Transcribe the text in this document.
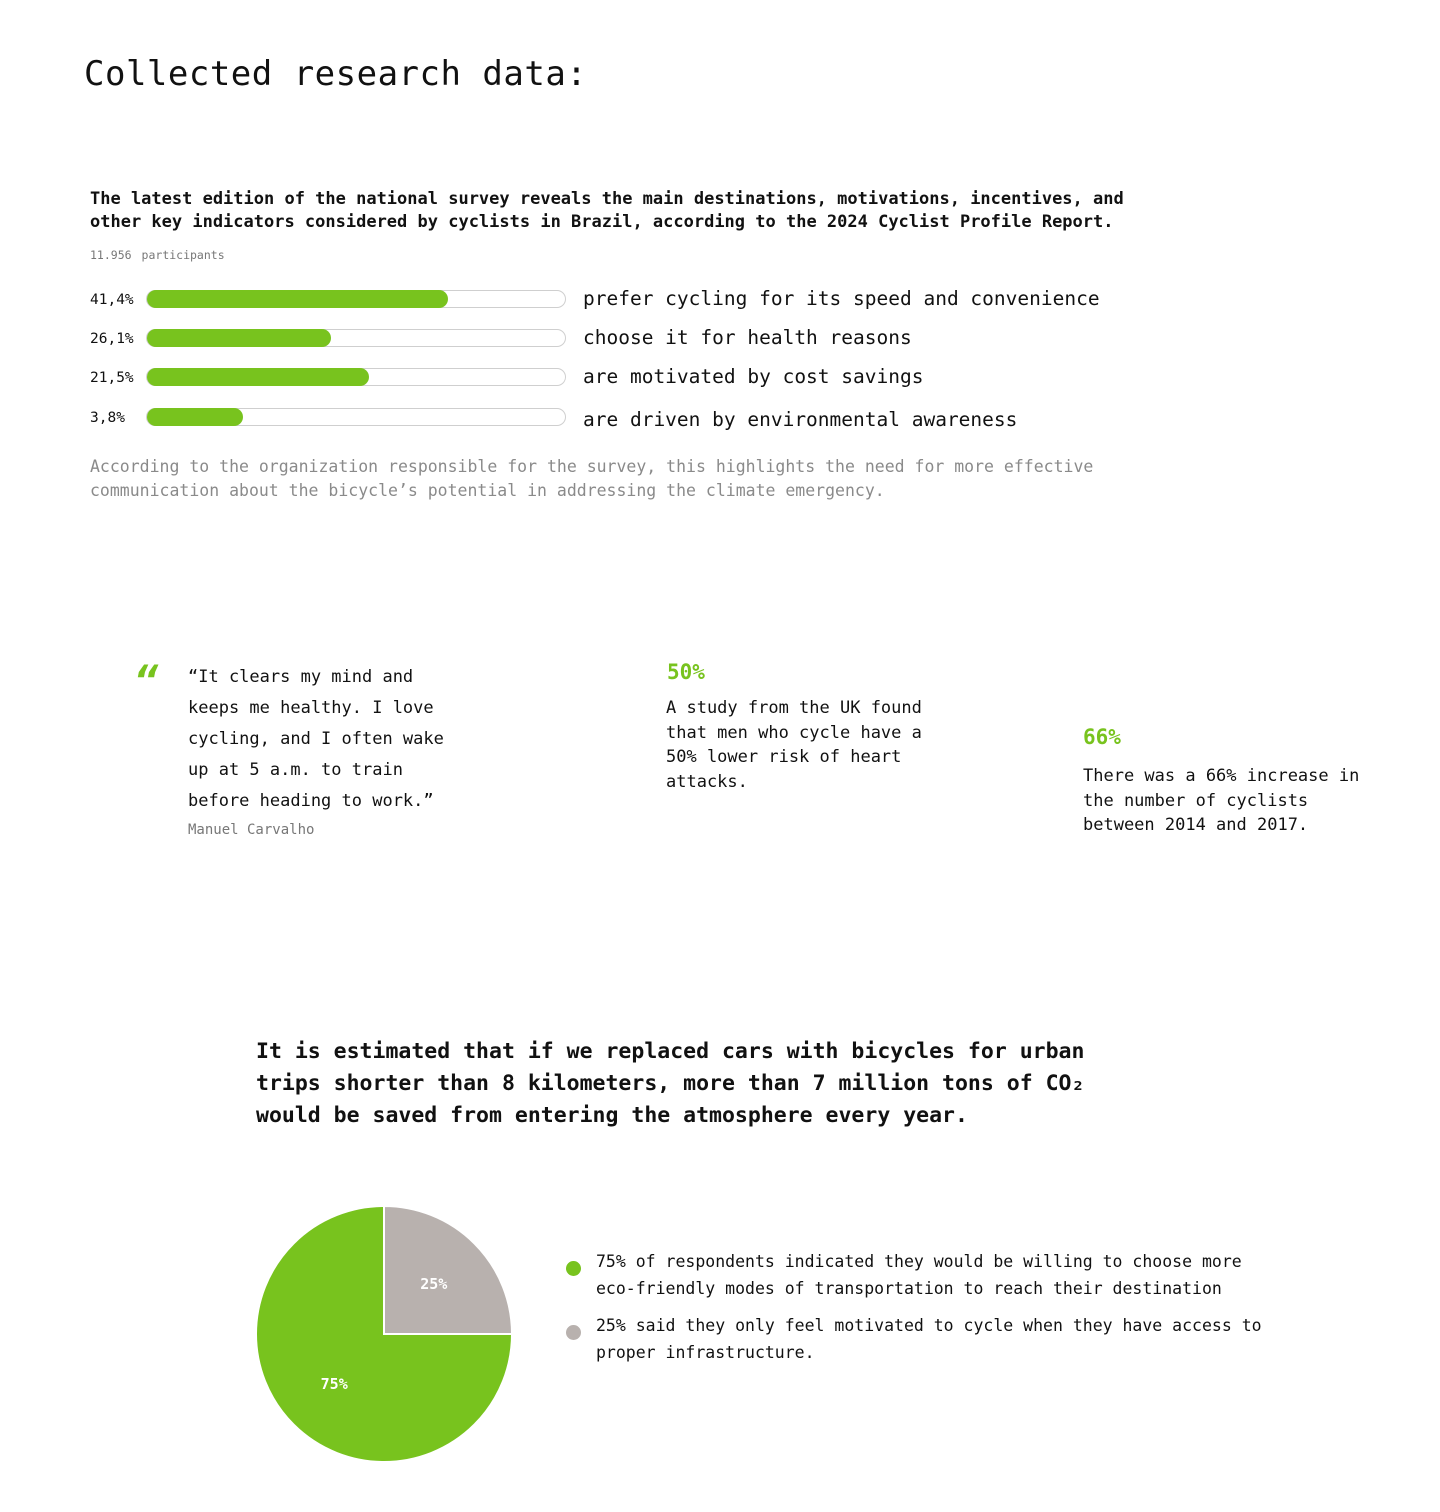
Collected research data:

The latest edition of the national survey reveals the main destinations, motivations, incentives, and other key indicators considered by cyclists in Brazil, according to the 2024 Cyclist Profile Report.

11.956 participants
41,4%	prefer cycling for its speed and convenience
26,1%	choose it for health reasons
21,5%	are motivated by cost savings
3,8%	are driven by environmental awareness

According to the organization responsible for the survey, this highlights the need for more effective communication about the bicycle’s potential in addressing the climate emergency.

“ “It clears my mind and keeps me healthy. I love cycling, and I often wake up at 5 a.m. to train before heading to work.”

Manuel Carvalho
50%

A study from the UK found that men who cycle have a 50% lower risk of heart attacks.

66%

There was a 66% increase in the number of cyclists between 2014 and 2017.

It is estimated that if we replaced cars with bicycles for urban trips shorter than 8 kilometers, more than 7 million tons of CO₂ would be saved from entering the atmosphere every year.

75%
25%

75% of respondents indicated they would be willing to choose more eco-friendly modes of transportation to reach their destination

25% said they only feel motivated to cycle when they have access to proper infrastructure.
